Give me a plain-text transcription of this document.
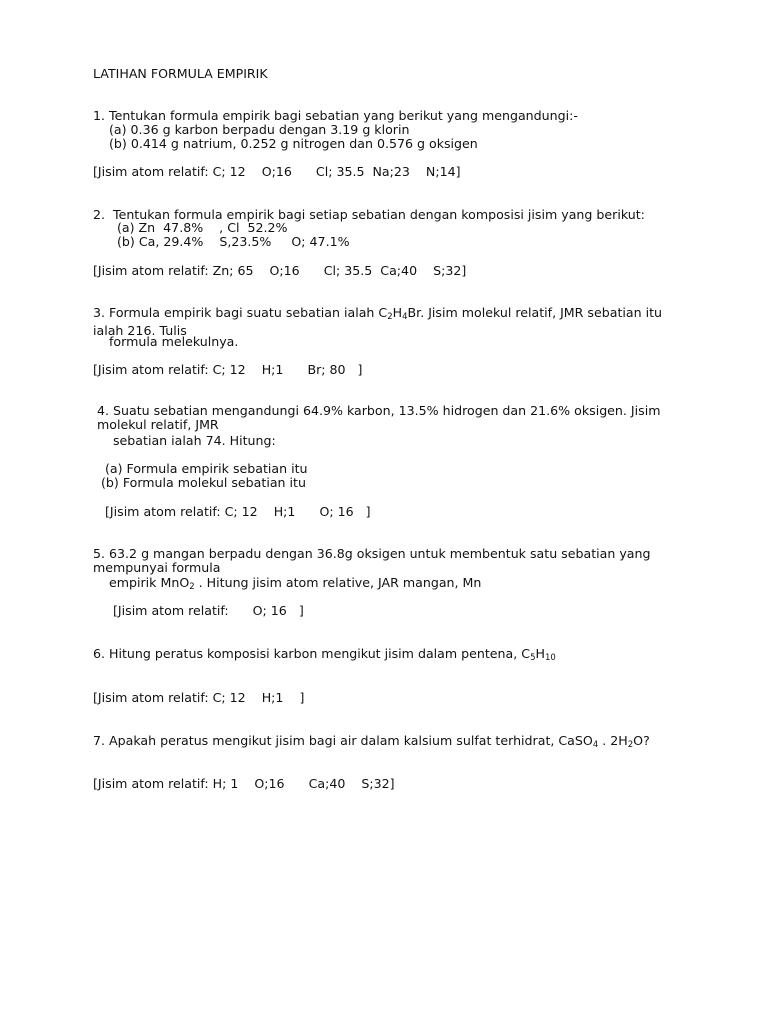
LATIHAN FORMULA EMPIRIK
1. Tentukan formula empirik bagi sebatian yang berikut yang mengandungi:-
(a) 0.36 g karbon berpadu dengan 3.19 g klorin
(b) 0.414 g natrium, 0.252 g nitrogen dan 0.576 g oksigen
[Jisim atom relatif: C; 12    O;16      Cl; 35.5  Na;23    N;14]
2.  Tentukan formula empirik bagi setiap sebatian dengan komposisi jisim yang berikut:
(a) Zn  47.8%    , Cl  52.2%
(b) Ca, 29.4%    S,23.5%     O; 47.1%
[Jisim atom relatif: Zn; 65    O;16      Cl; 35.5  Ca;40    S;32]
3. Formula empirik bagi suatu sebatian ialah $C_2H_4Br$. Jisim molekul relatif, JMR sebatian itu ialah 216. Tulis
formula melekulnya.
[Jisim atom relatif: C; 12    H;1      Br; 80   ]
4. Suatu sebatian mengandungi 64.9% karbon, 13.5% hidrogen dan 21.6% oksigen. Jisim molekul relatif, JMR
sebatian ialah 74. Hitung:
(a) Formula empirik sebatian itu
(b) Formula molekul sebatian itu
[Jisim atom relatif: C; 12    H;1      O; 16   ]
5. 63.2 g mangan berpadu dengan 36.8g oksigen untuk membentuk satu sebatian yang mempunyai formula
empirik MnO$_2$ . Hitung jisim atom relative, JAR mangan, Mn
[Jisim atom relatif:      O; 16   ]
6. Hitung peratus komposisi karbon mengikut jisim dalam pentena, $C_5H_{10}$
[Jisim atom relatif: C; 12    H;1    ]
7. Apakah peratus mengikut jisim bagi air dalam kalsium sulfat terhidrat, CaSO$_4$ . $2H_2O$?
[Jisim atom relatif: H; 1    O;16      Ca;40    S;32]
